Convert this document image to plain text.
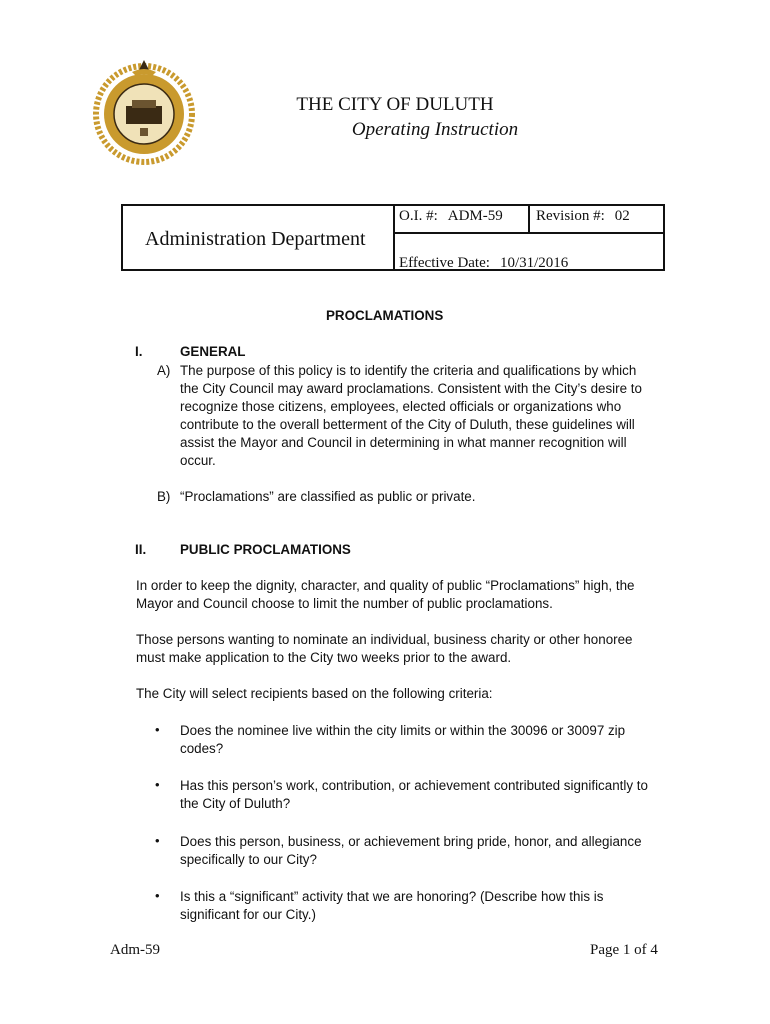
THE CITY OF DULUTH
Operating Instruction
Administration Department
O.I. #: ADM-59 Revision #: 02
Effective Date: 10/31/2016
PROCLAMATIONS
I.	GENERAL
A) The purpose of this policy is to identify the criteria and qualifications by which
the City Council may award proclamations. Consistent with the City’s desire to
recognize those citizens, employees, elected officials or organizations who
contribute to the overall betterment of the City of Duluth, these guidelines will
assist the Mayor and Council in determining in what manner recognition will
occur.
B) “Proclamations” are classified as public or private.
II.	PUBLIC PROCLAMATIONS
In order to keep the dignity, character, and quality of public “Proclamations” high, the
Mayor and Council choose to limit the number of public proclamations.
Those persons wanting to nominate an individual, business charity or other honoree
must make application to the City two weeks prior to the award.
The City will select recipients based on the following criteria:
• Does the nominee live within the city limits or within the 30096 or 30097 zip
codes?
• Has this person’s work, contribution, or achievement contributed significantly to
the City of Duluth?
• Does this person, business, or achievement bring pride, honor, and allegiance
specifically to our City?
• Is this a “significant” activity that we are honoring? (Describe how this is
significant for our City.)
Adm-59	Page 1 of 4
